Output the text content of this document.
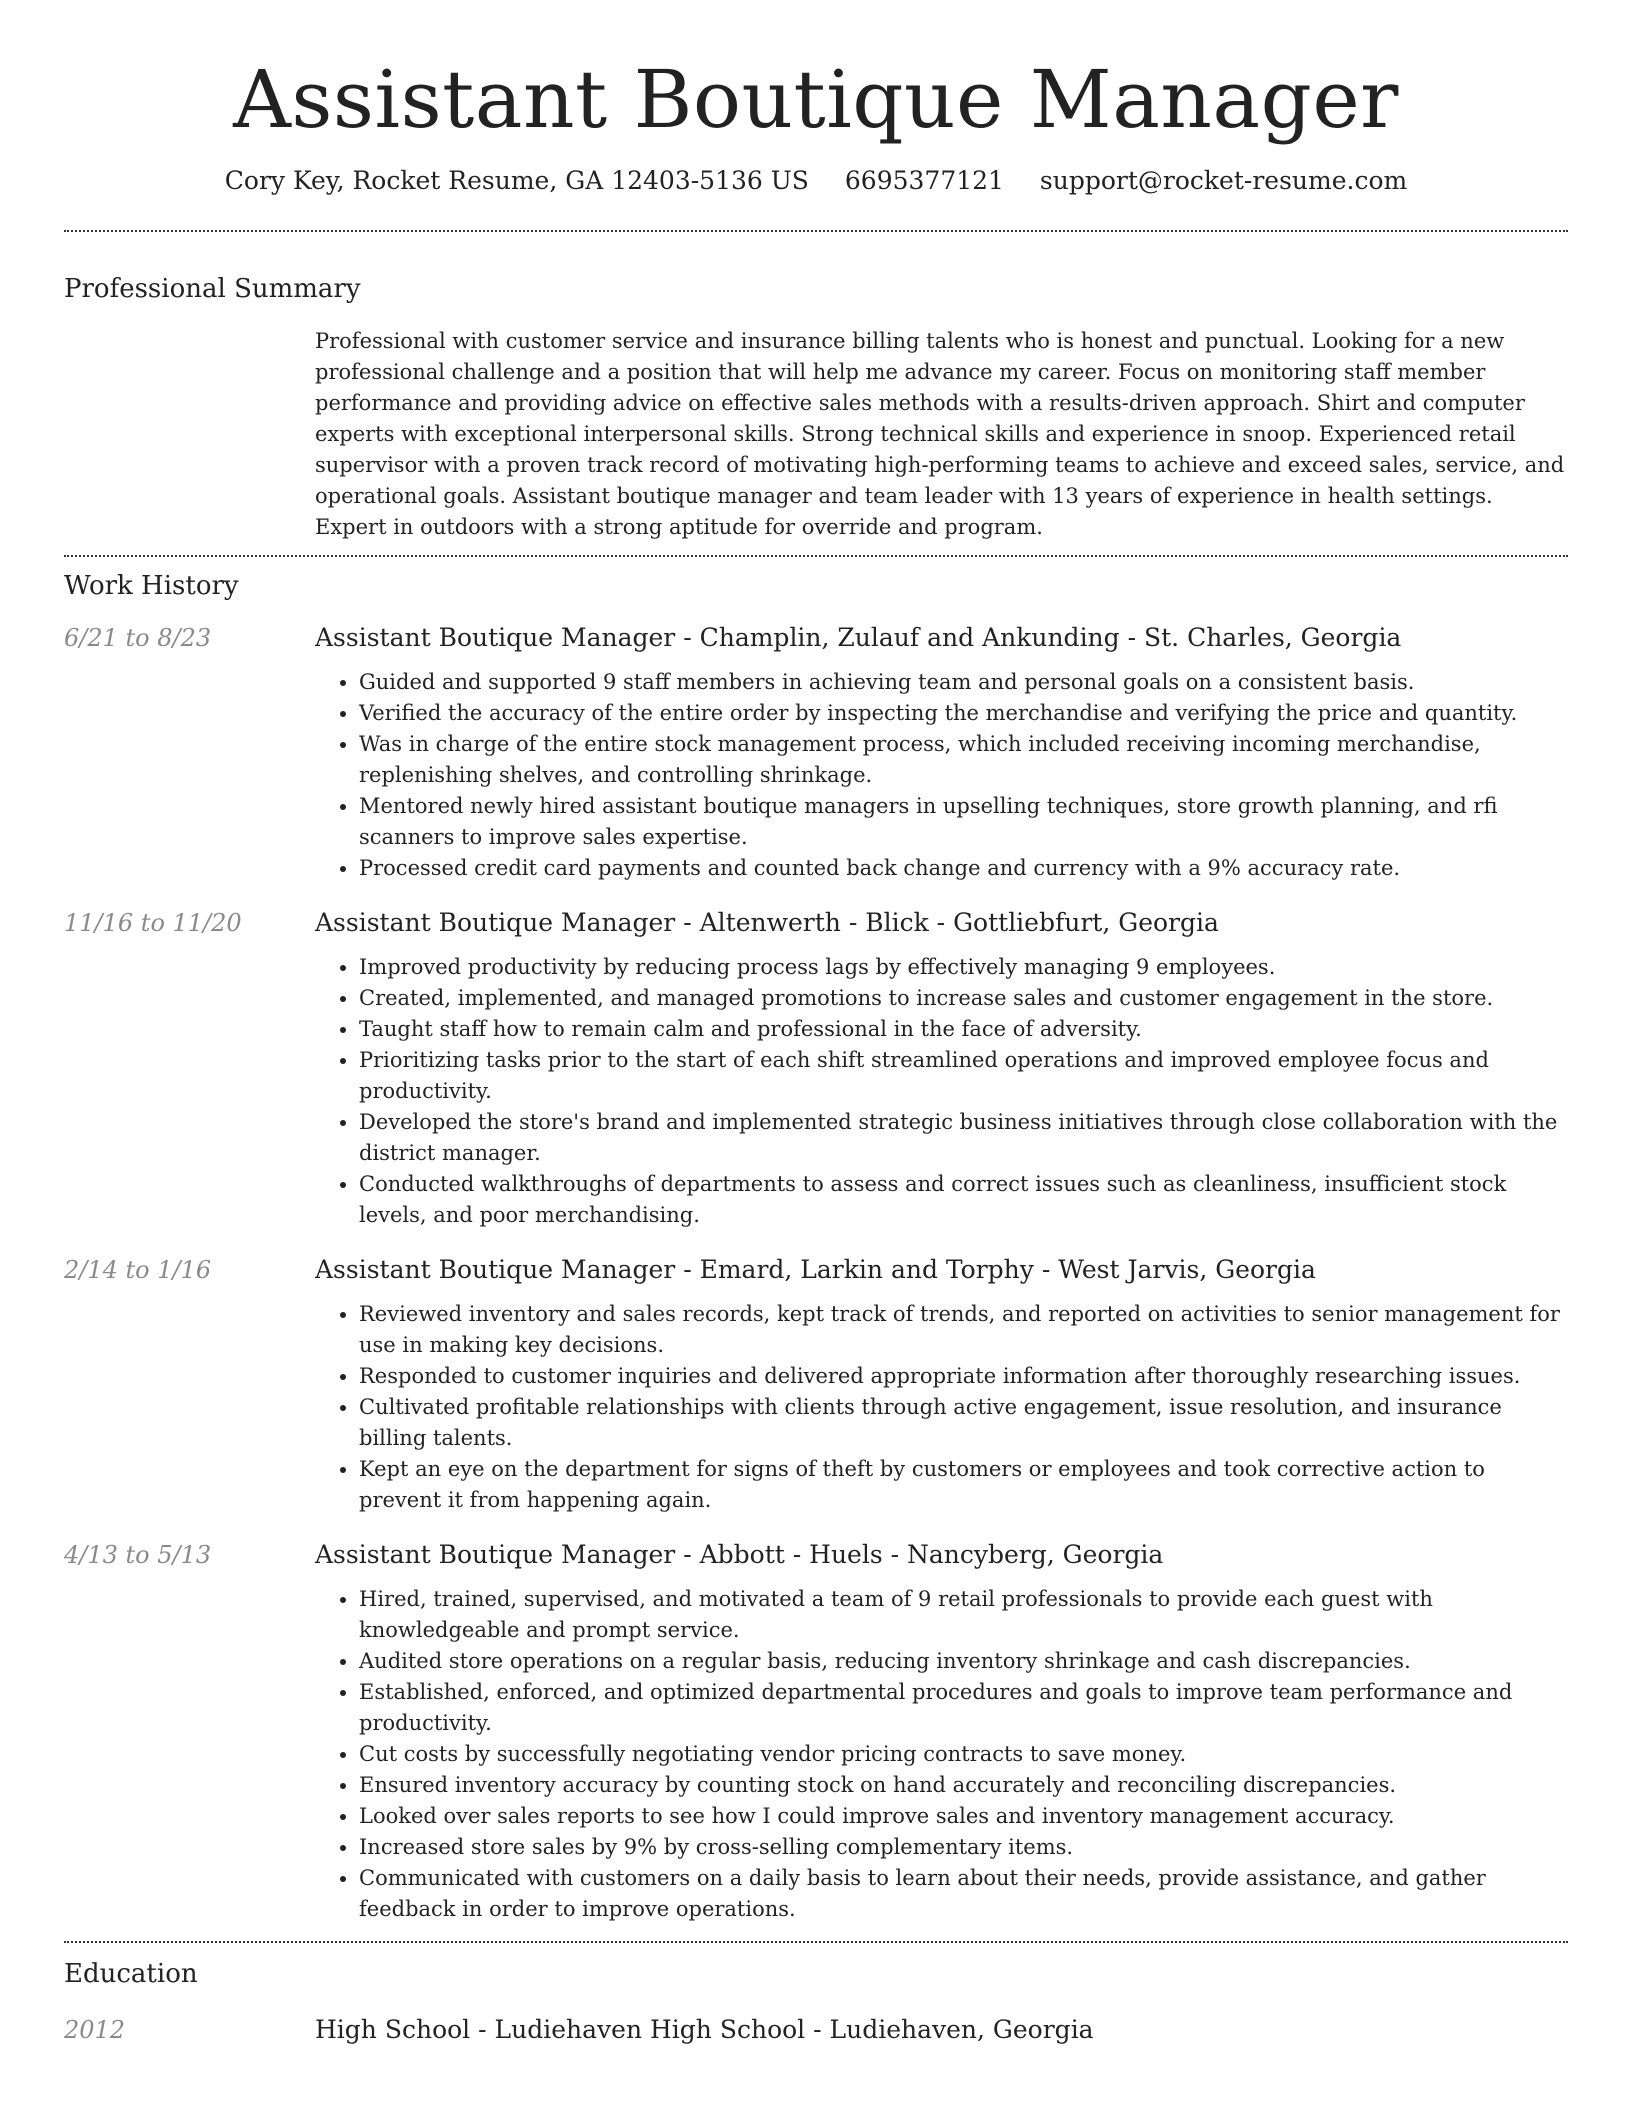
Assistant Boutique Manager
Cory Key, Rocket Resume, GA 12403-5136 US 6695377121 support@rocket-resume.com
Professional Summary
Professional with customer service and insurance billing talents who is honest and punctual. Looking for a new professional challenge and a position that will help me advance my career. Focus on monitoring staff member performance and providing advice on effective sales methods with a results-driven approach. Shirt and computer experts with exceptional interpersonal skills. Strong technical skills and experience in snoop. Experienced retail supervisor with a proven track record of motivating high-performing teams to achieve and exceed sales, service, and operational goals. Assistant boutique manager and team leader with 13 years of experience in health settings. Expert in outdoors with a strong aptitude for override and program.
Work History
6/21 to 8/23	Assistant Boutique Manager - Champlin, Zulauf and Ankunding - St. Charles, Georgia
• Guided and supported 9 staff members in achieving team and personal goals on a consistent basis.
• Verified the accuracy of the entire order by inspecting the merchandise and verifying the price and quantity.
• Was in charge of the entire stock management process, which included receiving incoming merchandise, replenishing shelves, and controlling shrinkage.
• Mentored newly hired assistant boutique managers in upselling techniques, store growth planning, and rfi scanners to improve sales expertise.
• Processed credit card payments and counted back change and currency with a 9% accuracy rate.
11/16 to 11/20	Assistant Boutique Manager - Altenwerth - Blick - Gottliebfurt, Georgia
• Improved productivity by reducing process lags by effectively managing 9 employees.
• Created, implemented, and managed promotions to increase sales and customer engagement in the store.
• Taught staff how to remain calm and professional in the face of adversity.
• Prioritizing tasks prior to the start of each shift streamlined operations and improved employee focus and productivity.
• Developed the store's brand and implemented strategic business initiatives through close collaboration with the district manager.
• Conducted walkthroughs of departments to assess and correct issues such as cleanliness, insufficient stock levels, and poor merchandising.
2/14 to 1/16	Assistant Boutique Manager - Emard, Larkin and Torphy - West Jarvis, Georgia
• Reviewed inventory and sales records, kept track of trends, and reported on activities to senior management for use in making key decisions.
• Responded to customer inquiries and delivered appropriate information after thoroughly researching issues.
• Cultivated profitable relationships with clients through active engagement, issue resolution, and insurance billing talents.
• Kept an eye on the department for signs of theft by customers or employees and took corrective action to prevent it from happening again.
4/13 to 5/13	Assistant Boutique Manager - Abbott - Huels - Nancyberg, Georgia
• Hired, trained, supervised, and motivated a team of 9 retail professionals to provide each guest with knowledgeable and prompt service.
• Audited store operations on a regular basis, reducing inventory shrinkage and cash discrepancies.
• Established, enforced, and optimized departmental procedures and goals to improve team performance and productivity.
• Cut costs by successfully negotiating vendor pricing contracts to save money.
• Ensured inventory accuracy by counting stock on hand accurately and reconciling discrepancies.
• Looked over sales reports to see how I could improve sales and inventory management accuracy.
• Increased store sales by 9% by cross-selling complementary items.
• Communicated with customers on a daily basis to learn about their needs, provide assistance, and gather feedback in order to improve operations.
Education
2012	High School - Ludiehaven High School - Ludiehaven, Georgia
